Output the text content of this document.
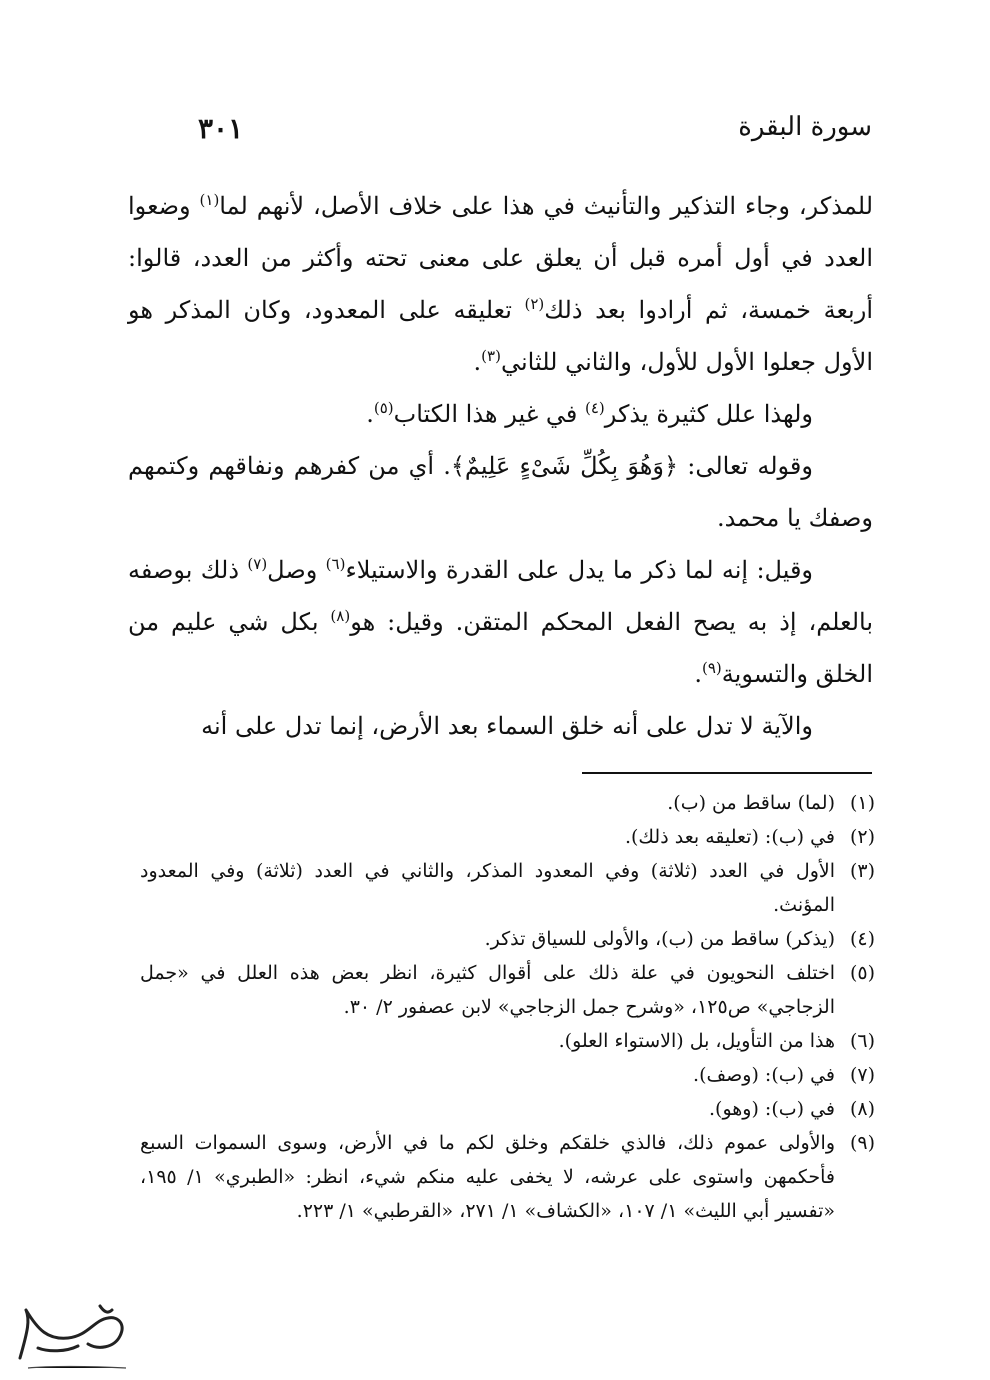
سورة البقرة
٣٠١

للمذكر، وجاء التذكير والتأنيث في هذا على خلاف الأصل، لأنهم لما$^{(١)}$ وضعوا العدد في أول أمره قبل أن يعلق على معنى تحته وأكثر من العدد، قالوا: أربعة خمسة، ثم أرادوا بعد ذلك$^{(٢)}$ تعليقه على المعدود، وكان المذكر هو الأول جعلوا الأول للأول، والثاني للثاني$^{(٣)}$.

ولهذا علل كثيرة يذكر$^{(٤)}$ في غير هذا الكتاب$^{(٥)}$.

وقوله تعالى: ﴿وَهُوَ بِكُلِّ شَىْءٍ عَلِيمٌ﴾. أي من كفرهم ونفاقهم وكتمهم وصفك يا محمد.

وقيل: إنه لما ذكر ما يدل على القدرة والاستيلاء$^{(٦)}$ وصل$^{(٧)}$ ذلك بوصفه بالعلم، إذ به يصح الفعل المحكم المتقن. وقيل: هو$^{(٨)}$ بكل شي عليم من الخلق والتسوية$^{(٩)}$.

والآية لا تدل على أنه خلق السماء بعد الأرض، إنما تدل على أنه

(١)
(لما) ساقط من (ب).
(٢)
في (ب): (تعليقه بعد ذلك).
(٣)
الأول في العدد (ثلاثة) وفي المعدود المذكر، والثاني في العدد (ثلاثة) وفي المعدود المؤنث.
(٤)
(يذكر) ساقط من (ب)، والأولى للسياق تذكر.
(٥)
اختلف النحويون في علة ذلك على أقوال كثيرة، انظر بعض هذه العلل في «جمل الزجاجي» ص١٢٥، «وشرح جمل الزجاجي» لابن عصفور ٢/ ٣٠.
(٦)
هذا من التأويل، بل (الاستواء العلو).
(٧)
في (ب): (وصف).
(٨)
في (ب): (وهو).
(٩)
والأولى عموم ذلك، فالذي خلقكم وخلق لكم ما في الأرض، وسوى السموات السبع فأحكمهن واستوى على عرشه، لا يخفى عليه منكم شيء، انظر: «الطبري» ١/ ١٩٥، «تفسير أبي الليث» ١/ ١٠٧، «الكشاف» ١/ ٢٧١، «القرطبي» ١/ ٢٢٣.
